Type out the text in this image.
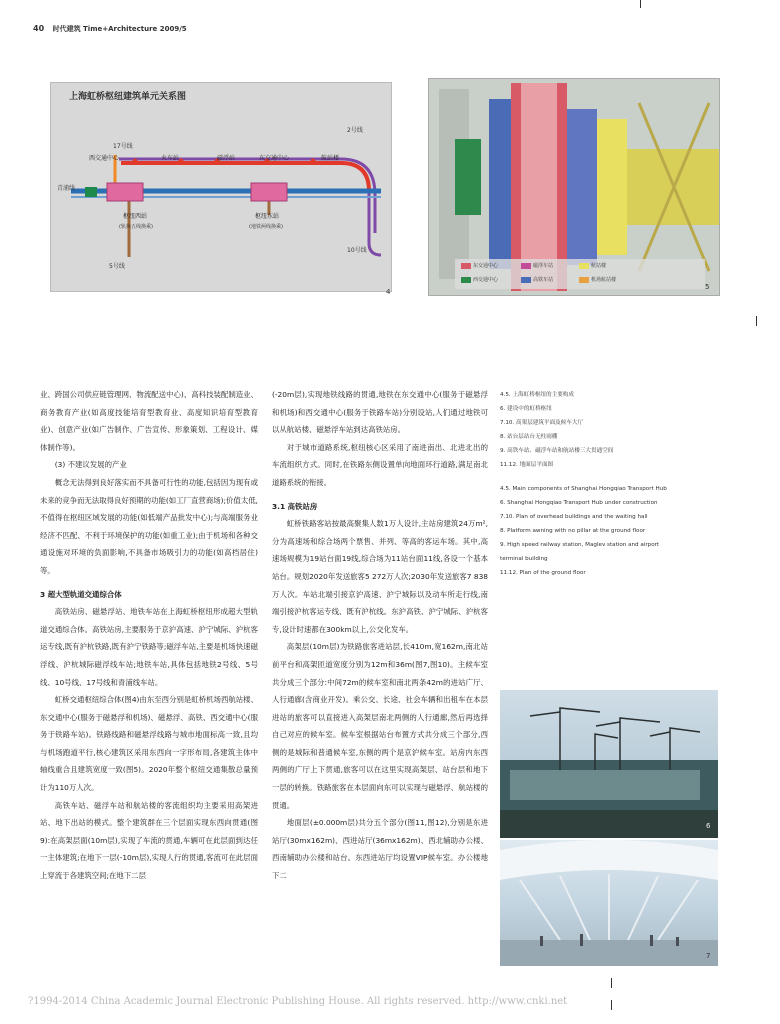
40 时代建筑 Time+Architecture 2009/5
上海虹桥枢纽建筑单元关系图
17号线
2号线
10号线
5号线
青浦线
西交通中心	火车站	磁浮站	东交通中心	航站楼
枢纽西站
(轨换五线换乘)
枢纽东站
(地铁两线换乘)
4
东交通中心	磁浮车站	航站楼
西交通中心	高铁车站	机场航站楼
5

业、跨国公司供应链管理网、物流配送中心)、高科技装配制造业、商务教育产业(如高度技能培育型教育业、高度知识培育型教育业)、创意产业(如广告制作、广告宣传、形象策划、工程设计、媒体制作等)。

(3) 不建议发展的产业

概念无法得到良好落实而不具备可行性的功能,包括因为现有或未来的竞争而无法取得良好预期的功能(如工厂直营商场);价值太低,不值得在枢纽区域发展的功能(如低端产品批发中心);与高端服务业经济不匹配、不利于环境保护的功能(如重工业);由于机场和各种交通设施对环境的负面影响,不具备市场吸引力的功能(如高档居住)等。

3 超大型轨道交通综合体

高铁站房、磁悬浮站、地铁车站在上海虹桥枢纽形成超大型轨道交通综合体。高铁站房,主要服务于京沪高速、沪宁城际、沪杭客运专线,既有沪杭铁路,既有沪宁铁路等;磁浮车站,主要是机场快速磁浮线、沪杭城际磁浮线车站;地铁车站,具体包括地铁2号线、5号线、10号线、17号线和青浦线车站。

虹桥交通枢纽综合体(图4)由东至西分别是虹桥机场西航站楼、东交通中心(服务于磁悬浮和机场)、磁悬浮、高铁、西交通中心(服务于铁路车站)。铁路线路和磁悬浮线路与城市地面标高一致,且均与机场跑道平行,核心建筑区采用东西向一字形布局,各建筑主体中轴线重合且建筑宽度一致(图5)。2020年整个枢纽交通集散总量预计为110万人次。

高铁车站、磁浮车站和航站楼的客流组织均主要采用高架进站、地下出站的模式。整个建筑群在三个层面实现东西向贯通(图9):在高架层面(10m层),实现了车流的贯通,车辆可在此层面到达任一主体建筑;在地下一层(-10m层),实现人行的贯通,客流可在此层面上穿流于各建筑空间;在地下二层

(-20m层),实现地铁线路的贯通,地铁在东交通中心(服务于磁悬浮和机场)和西交通中心(服务于铁路车站)分别设站,人们通过地铁可以从航站楼、磁悬浮车站到达高铁站房。

对于城市道路系统,枢纽核心区采用了南进南出、北进北出的车流组织方式。同时,在铁路东侧设置单向地面环行道路,满足南北道路系统的衔接。

3.1 高铁站房

虹桥铁路客站按最高聚集人数1万人设计,主站房建筑24万m²,分为高速场和综合场两个票售、并列、等高的客运车场。其中,高速场规模为19站台面19线,综合场为11站台面11线,各设一个基本站台。规划2020年发送旅客5 272万人次;2030年发送旅客7 838万人次。车站北端引接京沪高速、沪宁城际以及动车所走行线,南端引接沪杭客运专线、既有沪杭线。东沪高铁、沪宁城际、沪杭客专,设计时速都在300km以上,公交化发车。

高架层(10m层)为铁路旅客进站层,长410m,宽162m,南北站前平台和高架匝道宽度分别为12m和36m(图7,图10)。主候车室共分成三个部分:中间72m的候车室和南北两条42m的进站广厅、人行通廊(含商业开发)。乘公交、长途、社会车辆和出租车在本层进站的旅客可以直接进入高架层南北两侧的人行通廊,然后再选择自己对应的候车室。候车室根据站台布置方式共分成三个部分,西侧的是城际和普通候车室,东侧的两个是京沪候车室。站房内东西两侧的广厅上下贯通,旅客可以在这里实现高架层、站台层和地下一层的转换。铁路旅客在本层面向东可以实现与磁悬浮、航站楼的贯通。

地面层(±0.000m层)共分五个部分(图11,图12),分别是东进站厅(30mx162m)、西进站厅(36mx162m)、西北辅助办公楼、西南辅助办公楼和站台。东西进站厅均设置VIP候车室。办公楼地下二

4.5. 上海虹桥枢纽的主要构成
6. 建设中的虹桥枢纽
7.10. 高架层建筑平面及候车大厅
8. 站台层站台无柱雨棚
9. 高铁车站、磁浮车站和航站楼三大贯通空间
11.12. 地面层平面图
4.5. Main components of Shanghai Hongqiao Transport Hub
6. Shanghai Hongqiao Transport Hub under construction
7.10. Plan of overhead buildings and the waiting hall
8. Platform awning with no pillar at the ground floor
9. High speed railway station, Maglev station and airport
terminal building
11.12. Plan of the ground floor
6
7
?1994-2014 China Academic Journal Electronic Publishing House. All rights reserved. http://www.cnki.net
